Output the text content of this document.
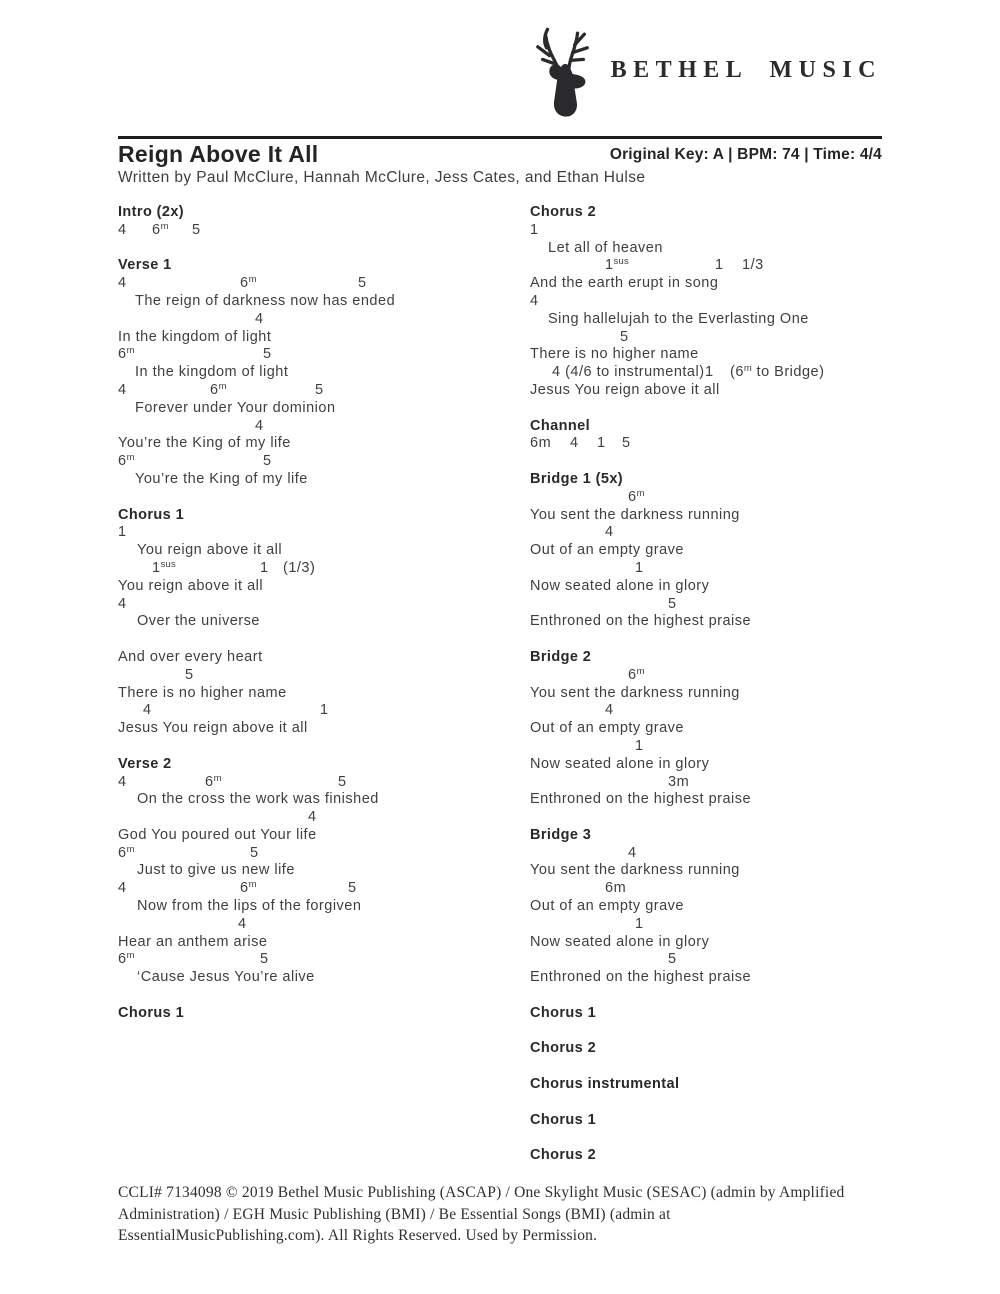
BETHEL MUSIC
Reign Above It All	Original Key: A | BPM: 74 | Time: 4/4
Written by Paul McClure, Hannah McClure, Jess Cates, and Ethan Hulse
Intro (2x)
4 6$^m$ 5
Verse 1
4	6$^m$	5
The reign of darkness now has ended
4
In the kingdom of light
6$^m$	5
In the kingdom of light
4	6$^m$	5
Forever under Your dominion
4
You’re the King of my life
6$^m$	5
You’re the King of my life
Chorus 1
1
You reign above it all
$1^{sus}$	1 (1/3)
You reign above it all
4
Over the universe
And over every heart
5
There is no higher name
4	1
Jesus You reign above it all
Verse 2
4	6$^m$	5
On the cross the work was finished
4
God You poured out Your life
6$^m$	5
Just to give us new life
4	6$^m$	5
Now from the lips of the forgiven
4
Hear an anthem arise
6$^m$	5
‘Cause Jesus You’re alive
Chorus 1
Chorus 2
1
Let all of heaven
$1^{sus}$	1 1/3
And the earth erupt in song
4
Sing hallelujah to the Everlasting One
5
There is no higher name
4 (4/6 to instrumental) 1 (6$^m$ to Bridge)
Jesus You reign above it all
Channel
6m 4 1 5
Bridge 1 (5x)
6$^m$
You sent the darkness running
4
Out of an empty grave
1
Now seated alone in glory
5
Enthroned on the highest praise
Bridge 2
6$^m$
You sent the darkness running
4
Out of an empty grave
1
Now seated alone in glory
3m
Enthroned on the highest praise
Bridge 3
4
You sent the darkness running
6m
Out of an empty grave
1
Now seated alone in glory
5
Enthroned on the highest praise
Chorus 1
Chorus 2
Chorus instrumental
Chorus 1
Chorus 2
CCLI# 7134098 © 2019 Bethel Music Publishing (ASCAP) / One Skylight Music (SESAC) (admin by Amplified
Administration) / EGH Music Publishing (BMI) / Be Essential Songs (BMI) (admin at
EssentialMusicPublishing.com). All Rights Reserved. Used by Permission.
